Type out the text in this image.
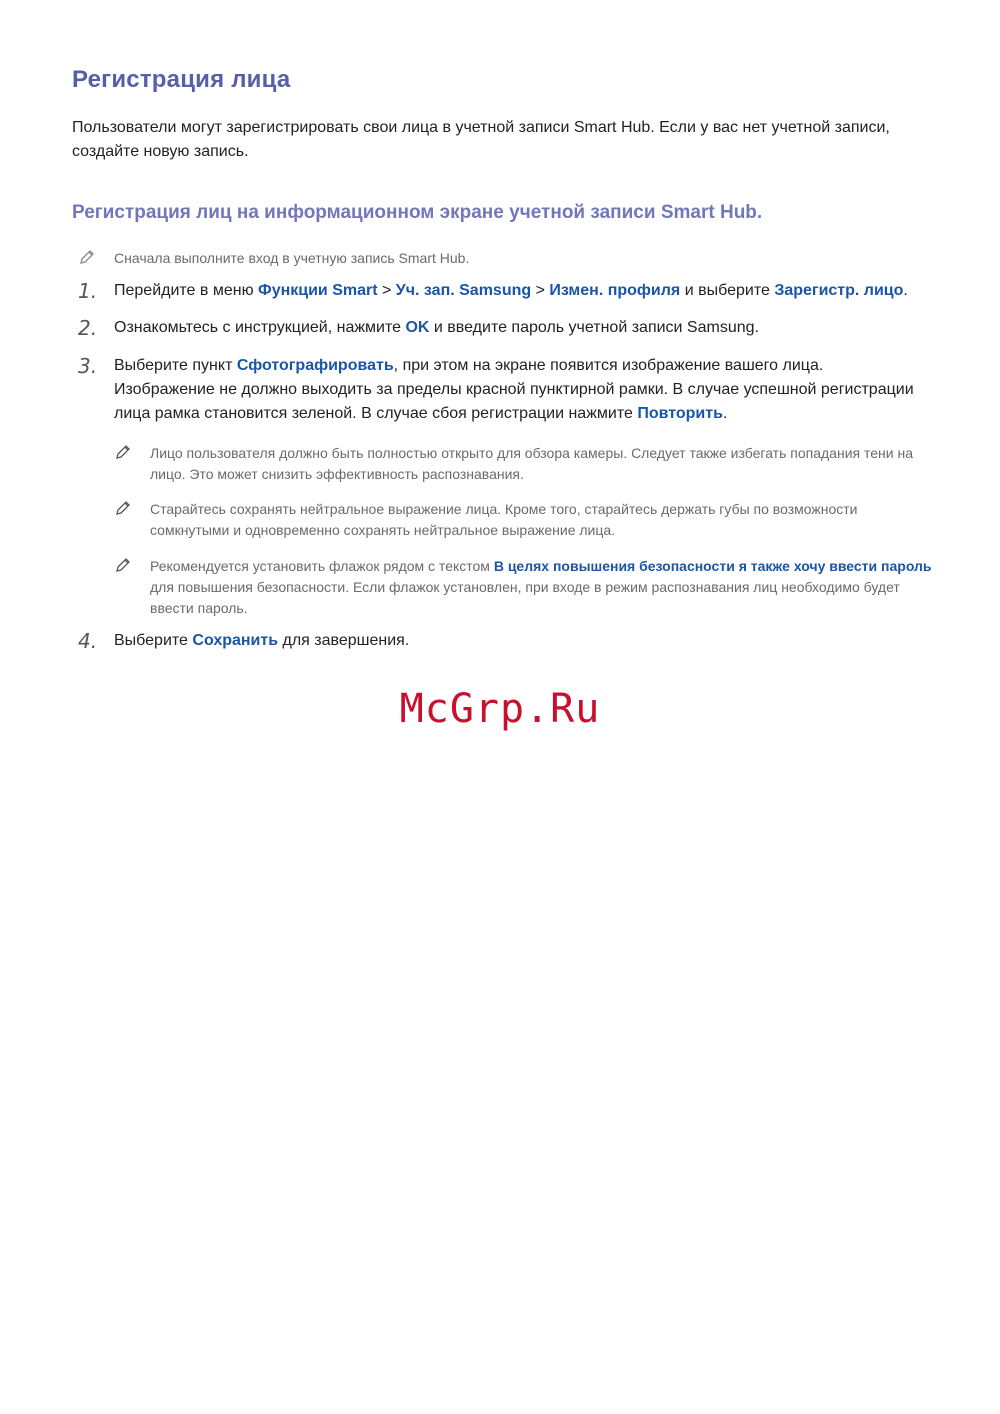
Регистрация лица
Пользователи могут зарегистрировать свои лица в учетной записи Smart Hub. Если у вас нет учетной записи, создайте новую запись.
Регистрация лиц на информационном экране учетной записи Smart Hub.
Сначала выполните вход в учетную запись Smart Hub.
1. Перейдите в меню Функции Smart > Уч. зап. Samsung > Измен. профиля и выберите Зарегистр. лицо.
2. Ознакомьтесь с инструкцией, нажмите OK и введите пароль учетной записи Samsung.
3. Выберите пункт Сфотографировать, при этом на экране появится изображение вашего лица. Изображение не должно выходить за пределы красной пунктирной рамки. В случае успешной регистрации лица рамка становится зеленой. В случае сбоя регистрации нажмите Повторить.
Лицо пользователя должно быть полностью открыто для обзора камеры. Следует также избегать попадания тени на лицо. Это может снизить эффективность распознавания.
Старайтесь сохранять нейтральное выражение лица. Кроме того, старайтесь держать губы по возможности сомкнутыми и одновременно сохранять нейтральное выражение лица.
Рекомендуется установить флажок рядом с текстом В целях повышения безопасности я также хочу ввести пароль для повышения безопасности. Если флажок установлен, при входе в режим распознавания лиц необходимо будет ввести пароль.
4. Выберите Сохранить для завершения.
McGrp.Ru
